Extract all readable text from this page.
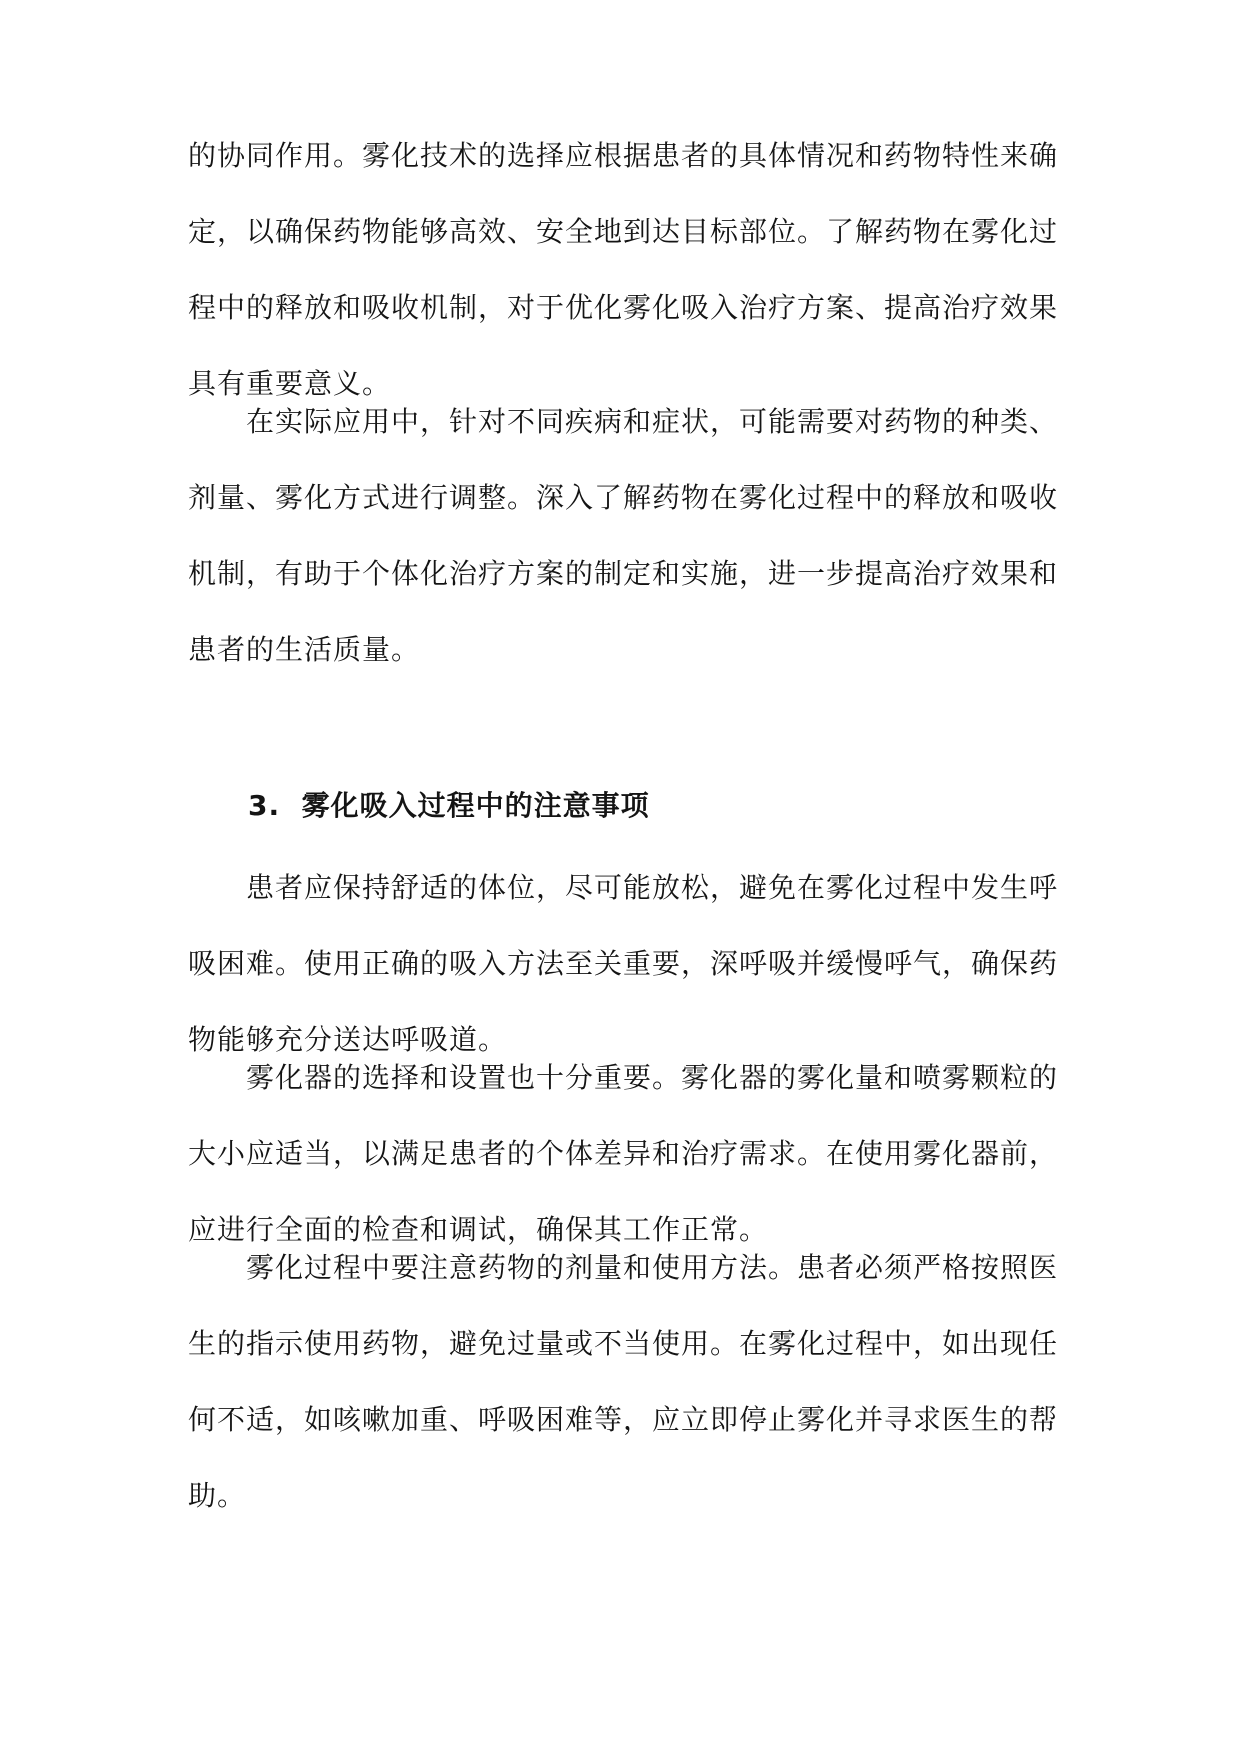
的协同作用。雾化技术的选择应根据患者的具体情况和药物特性来确
定，以确保药物能够高效、安全地到达目标部位。了解药物在雾化过
程中的释放和吸收机制，对于优化雾化吸入治疗方案、提高治疗效果
具有重要意义。
在实际应用中，针对不同疾病和症状，可能需要对药物的种类、
剂量、雾化方式进行调整。深入了解药物在雾化过程中的释放和吸收
机制，有助于个体化治疗方案的制定和实施，进一步提高治疗效果和
患者的生活质量。
3.  雾化吸入过程中的注意事项
患者应保持舒适的体位，尽可能放松，避免在雾化过程中发生呼
吸困难。使用正确的吸入方法至关重要，深呼吸并缓慢呼气，确保药
物能够充分送达呼吸道。
雾化器的选择和设置也十分重要。雾化器的雾化量和喷雾颗粒的
大小应适当，以满足患者的个体差异和治疗需求。在使用雾化器前，
应进行全面的检查和调试，确保其工作正常。
雾化过程中要注意药物的剂量和使用方法。患者必须严格按照医
生的指示使用药物，避免过量或不当使用。在雾化过程中，如出现任
何不适，如咳嗽加重、呼吸困难等，应立即停止雾化并寻求医生的帮
助。
